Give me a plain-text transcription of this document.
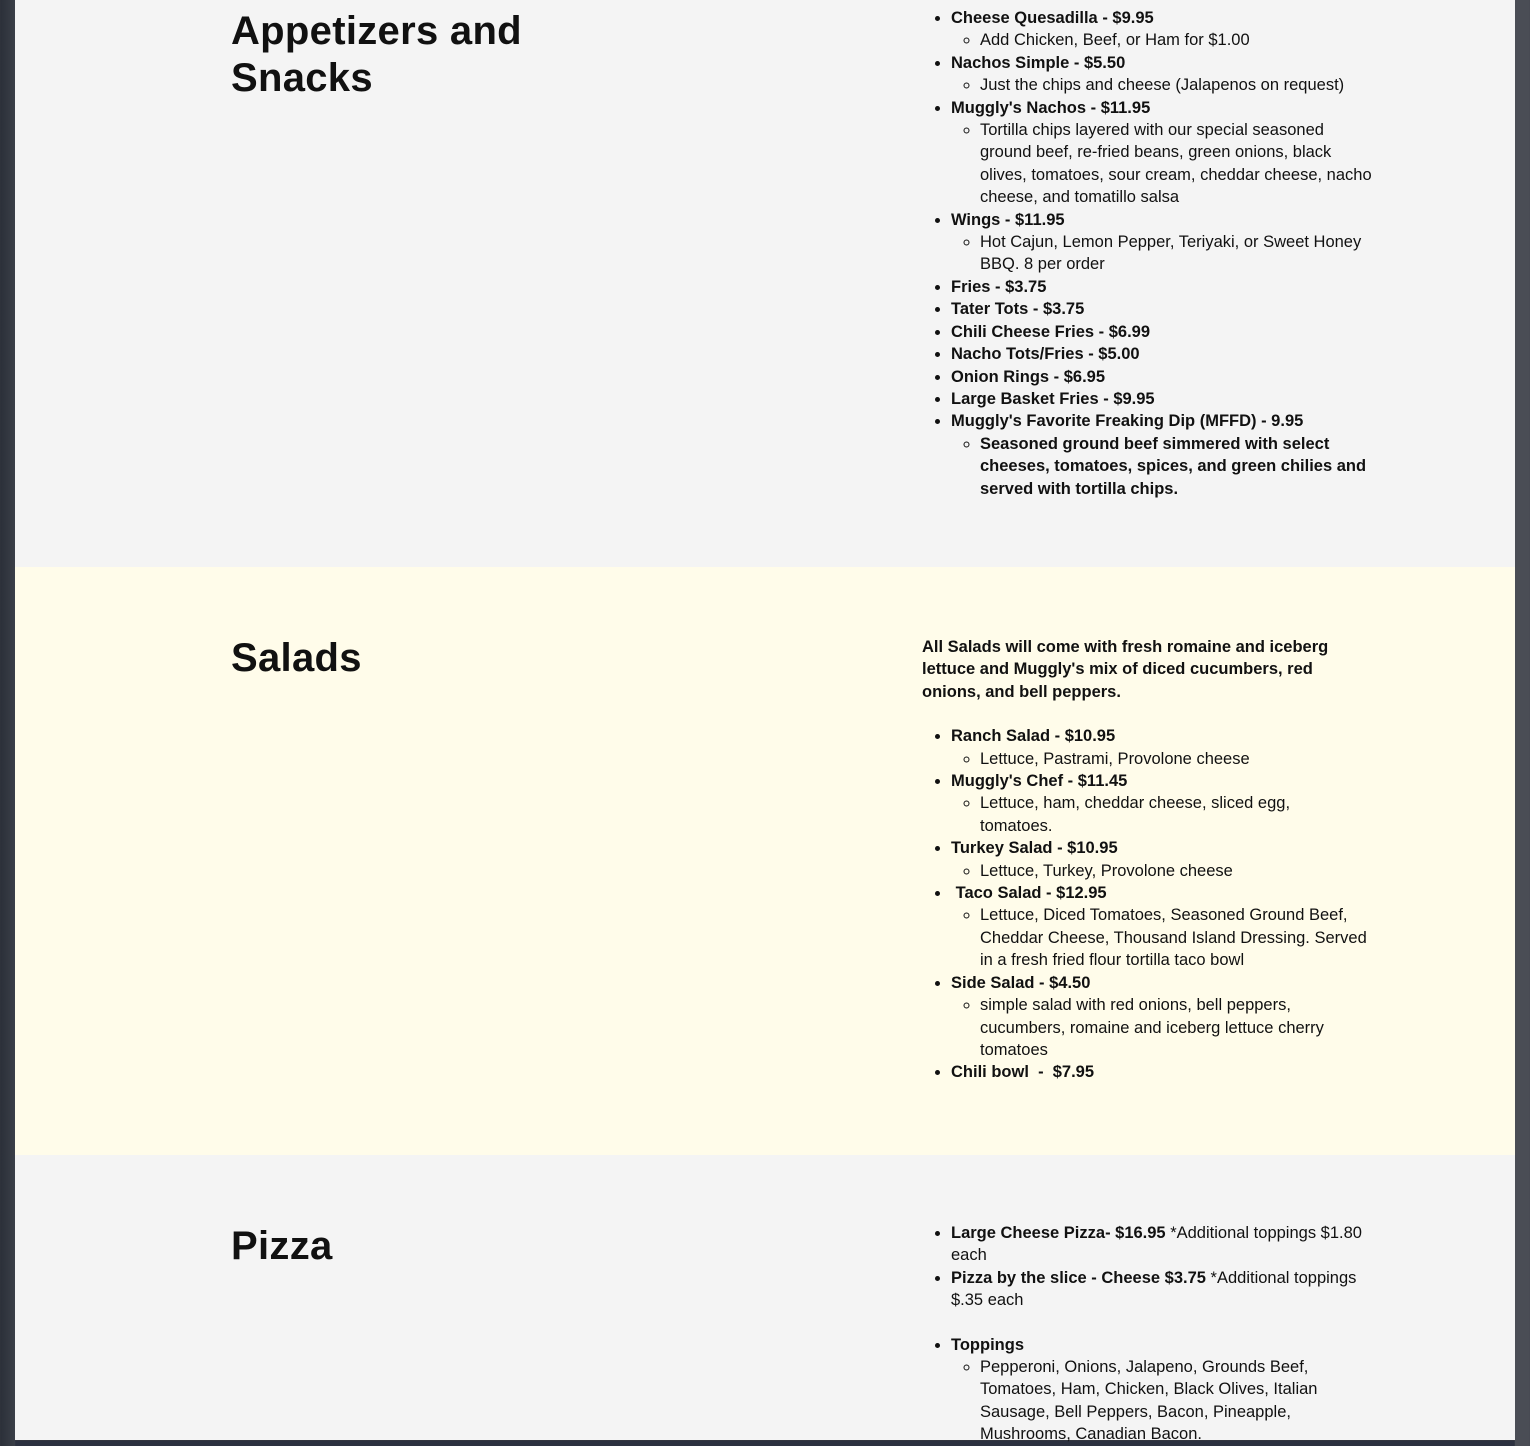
Appetizers and Snacks
• Cheese Quesadilla - $9.95
◦ Add Chicken, Beef, or Ham for $1.00
• Nachos Simple - $5.50
◦ Just the chips and cheese (Jalapenos on request)
• Muggly's Nachos - $11.95
◦ Tortilla chips layered with our special seasoned ground beef, re-fried beans, green onions, black olives, tomatoes, sour cream, cheddar cheese, nacho cheese, and tomatillo salsa
• Wings - $11.95
◦ Hot Cajun, Lemon Pepper, Teriyaki, or Sweet Honey BBQ. 8 per order
• Fries - $3.75
• Tater Tots - $3.75
• Chili Cheese Fries - $6.99
• Nacho Tots/Fries - $5.00
• Onion Rings - $6.95
• Large Basket Fries - $9.95
• Muggly's Favorite Freaking Dip (MFFD) - 9.95
◦ Seasoned ground beef simmered with select cheeses, tomatoes, spices, and green chilies and served with tortilla chips.
Salads	All Salads will come with fresh romaine and iceberg lettuce and Muggly's mix of diced cucumbers, red onions, and bell peppers.

• Ranch Salad - $10.95
◦ Lettuce, Pastrami, Provolone cheese
• Muggly's Chef - $11.45
◦ Lettuce, ham, cheddar cheese, sliced egg, tomatoes.
• Turkey Salad - $10.95
◦ Lettuce, Turkey, Provolone cheese
•  Taco Salad - $12.95
◦ Lettuce, Diced Tomatoes, Seasoned Ground Beef, Cheddar Cheese, Thousand Island Dressing. Served in a fresh fried flour tortilla taco bowl
• Side Salad - $4.50
◦ simple salad with red onions, bell peppers, cucumbers, romaine and iceberg lettuce cherry tomatoes
• Chili bowl  -  $7.95
Pizza
•	Large Cheese Pizza- $16.95 *Additional toppings $1.80 each
• Pizza by the slice - Cheese $3.75 *Additional toppings $.35 each
• Toppings
◦ Pepperoni, Onions, Jalapeno, Grounds Beef, Tomatoes, Ham, Chicken, Black Olives, Italian Sausage, Bell Peppers, Bacon, Pineapple, Mushrooms, Canadian Bacon.
